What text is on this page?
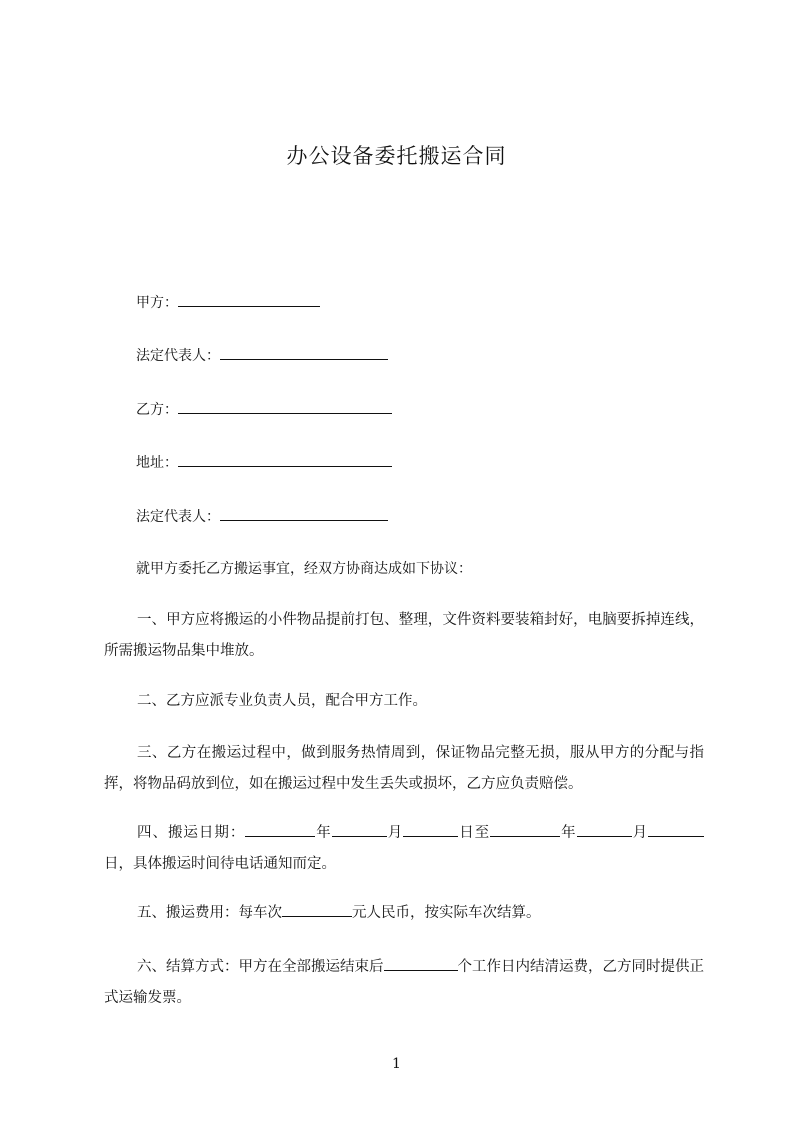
办公设备委托搬运合同
甲方：
法定代表人：
乙方：
地址：
法定代表人：
就甲方委托乙方搬运事宜，经双方协商达成如下协议：

一、甲方应将搬运的小件物品提前打包、整理，文件资料要装箱封好，电脑要拆掉连线，所需搬运物品集中堆放。

二、乙方应派专业负责人员，配合甲方工作。

三、乙方在搬运过程中，做到服务热情周到，保证物品完整无损，服从甲方的分配与指挥，将物品码放到位，如在搬运过程中发生丢失或损坏，乙方应负责赔偿。

四、搬运日期：	年	月	日至	年	月日，具体搬运时间待电话通知而定。

五、搬运费用：每车次	元人民币，按实际车次结算。

六、结算方式：甲方在全部搬运结束后	个工作日内结清运费，乙方同时提供正式运输发票。

1
